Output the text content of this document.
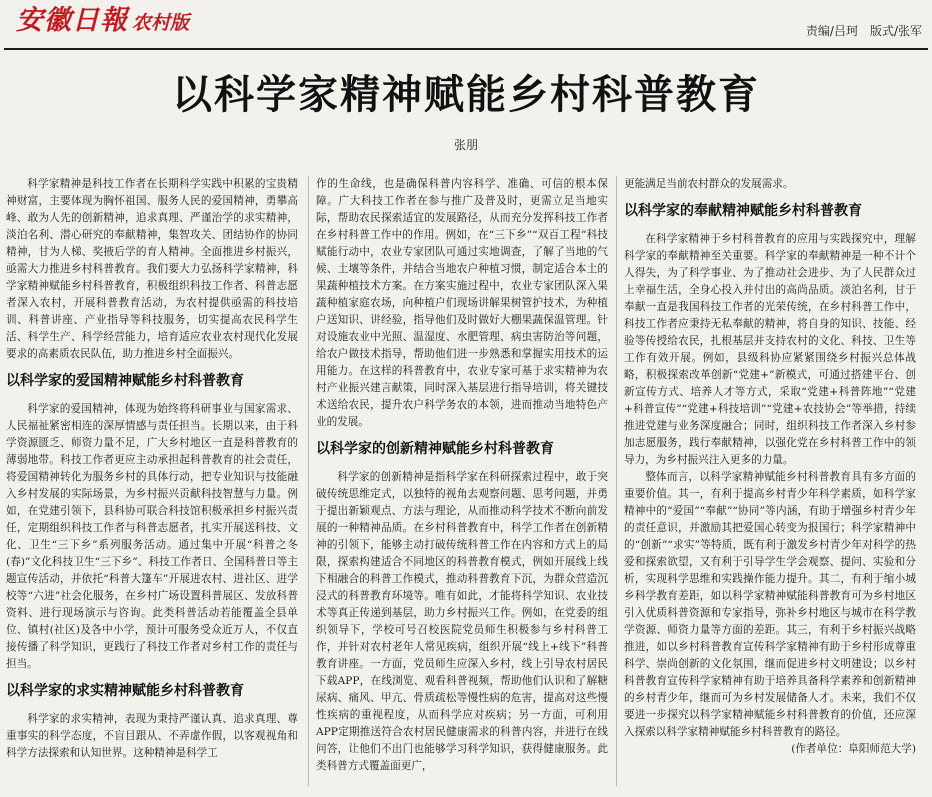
安徽日報 农村版	责编/吕珂　版式/张军
以科学家精神赋能乡村科普教育
张朋

科学家精神是科技工作者在长期科学实践中积累的宝贵精神财富，主要体现为胸怀祖国、服务人民的爱国精神，勇攀高峰、敢为人先的创新精神，追求真理、严谨治学的求实精神，淡泊名利、潜心研究的奉献精神，集智攻关、团结协作的协同精神，甘为人梯、奖掖后学的育人精神。全面推进乡村振兴，亟需大力推进乡村科普教育。我们要大力弘扬科学家精神，科学家精神赋能乡村科普教育，积极组织科技工作者、科普志愿者深入农村，开展科普教育活动，为农村提供亟需的科技培训、科普讲座、产业指导等科技服务，切实提高农民科学生活、科学生产、科学经营能力，培育适应农业农村现代化发展要求的高素质农民队伍，助力推进乡村全面振兴。

以科学家的爱国精神赋能乡村科普教育

科学家的爱国精神，体现为始终将科研事业与国家需求、人民福祉紧密相连的深厚情感与责任担当。长期以来，由于科学资源匮乏、师资力量不足，广大乡村地区一直是科普教育的薄弱地带。科技工作者更应主动承担起科普教育的社会责任，将爱国精神转化为服务乡村的具体行动，把专业知识与技能融入乡村发展的实际场景，为乡村振兴贡献科技智慧与力量。例如，在党建引领下，县科协可联合科技馆积极承担乡村振兴责任，定期组织科技工作者与科普志愿者，扎实开展送科技、文化、卫生“三下乡”系列服务活动。通过集中开展“科普之冬(春)”文化科技卫生“三下乡”、科技工作者日、全国科普日等主题宣传活动，并依托“科普大篷车”开展进农村、进社区、进学校等“六进”社会化服务，在乡村广场设置科普展区、发放科普资料、进行现场演示与咨询。此类科普活动若能覆盖全县单位、镇村(社区)及各中小学，预计可服务受众近万人，不仅直接传播了科学知识，更践行了科技工作者对乡村工作的责任与担当。

以科学家的求实精神赋能乡村科普教育

科学家的求实精神，表现为秉持严谨认真、追求真理、尊重事实的科学态度，不盲目跟从、不弄虚作假，以客观视角和科学方法探索和认知世界。这种精神是科学工

作的生命线，也是确保科普内容科学、准确、可信的根本保障。广大科技工作者在参与推广及普及时，更需立足当地实际，帮助农民探索适宜的发展路径，从而充分发挥科技工作者在乡村科普工作中的作用。例如，在“三下乡”“双百工程”科技赋能行动中，农业专家团队可通过实地调查，了解了当地的气候、土壤等条件，并结合当地农户种植习惯，制定适合本土的果蔬种植技术方案。在方案实施过程中，农业专家团队深入果蔬种植家庭农场，向种植户们现场讲解果树管护技术，为种植户送知识、讲经验，指导他们及时做好大棚果蔬保温管理。针对设施农业中光照、温湿度、水肥管理、病虫害防治等问题，给农户做技术指导，帮助他们进一步熟悉和掌握实用技术的运用能力。在这样的科普教育中，农业专家可基于求实精神为农村产业振兴建言献策，同时深入基层进行指导培训，将关键技术送给农民，提升农户科学务农的本领，进而推动当地特色产业的发展。

以科学家的创新精神赋能乡村科普教育

科学家的创新精神是指科学家在科研探索过程中，敢于突破传统思维定式，以独特的视角去观察问题、思考问题，并勇于提出新颖观点、方法与理论，从而推动科学技术不断向前发展的一种精神品质。在乡村科普教育中，科学工作者在创新精神的引领下，能够主动打破传统科普工作在内容和方式上的局限，探索构建适合不同地区的科普教育模式，例如开展线上线下相融合的科普工作模式，推动科普教育下沉，为群众营造沉浸式的科普教育环境等。唯有如此，才能将科学知识、农业技术等真正传递到基层，助力乡村振兴工作。例如，在党委的组织领导下，学校可号召校医院党员师生积极参与乡村科普工作，并针对农村老年人常见疾病，组织开展“线上+线下”科普教育讲座。一方面，党员师生应深入乡村，线上引导农村居民下载APP，在线浏览、观看科普视频，帮助他们认识和了解糖尿病、痛风、甲亢、骨质疏松等慢性病的危害，提高对这些慢性疾病的重视程度，从而科学应对疾病；另一方面，可利用APP定期推送符合农村居民健康需求的科普内容，并进行在线问答，让他们不出门也能够学习科学知识，获得健康服务。此类科普方式覆盖面更广，

更能满足当前农村群众的发展需求。

以科学家的奉献精神赋能乡村科普教育

在科学家精神于乡村科普教育的应用与实践探究中，理解科学家的奉献精神至关重要。科学家的奉献精神是一种不计个人得失，为了科学事业、为了推动社会进步、为了人民群众过上幸福生活，全身心投入并付出的高尚品质。淡泊名利，甘于奉献一直是我国科技工作者的光荣传统，在乡村科普工作中，科技工作者应秉持无私奉献的精神，将自身的知识、技能、经验等传授给农民，扎根基层并支持农村的文化、科技、卫生等工作有效开展。例如，县级科协应紧紧围绕乡村振兴总体战略，积极探索改革创新“党建+”新模式，可通过搭建平台、创新宣传方式、培养人才等方式，采取“党建+科普阵地”“党建+科普宣传”“党建+科技培训”“党建+农技协会”等举措，持续推进党建与业务深度融合；同时，组织科技工作者深入乡村参加志愿服务，践行奉献精神，以强化党在乡村科普工作中的领导力，为乡村振兴注入更多的力量。

整体而言，以科学家精神赋能乡村科普教育具有多方面的重要价值。其一，有利于提高乡村青少年科学素质，如科学家精神中的“爱国”“奉献”“协同”等内涵，有助于增强乡村青少年的责任意识，并激励其把爱国心转变为报国行；科学家精神中的“创新”“求实”等特质，既有利于激发乡村青少年对科学的热爱和探索欲望，又有利于引导学生学会观察、提问、实验和分析，实现科学思维和实践操作能力提升。其二，有利于缩小城乡科学教育差距，如以科学家精神赋能科普教育可为乡村地区引入优质科普资源和专家指导，弥补乡村地区与城市在科学教学资源、师资力量等方面的差距。其三，有利于乡村振兴战略推进，如以乡村科普教育宣传科学家精神有助于乡村形成尊重科学、崇尚创新的文化氛围，继而促进乡村文明建设；以乡村科普教育宣传科学家精神有助于培养具备科学素养和创新精神的乡村青少年，继而可为乡村发展储备人才。未来，我们不仅要进一步探究以科学家精神赋能乡村科普教育的价值，还应深入探索以科学家精神赋能乡村科普教育的路径。

(作者单位：阜阳师范大学)
